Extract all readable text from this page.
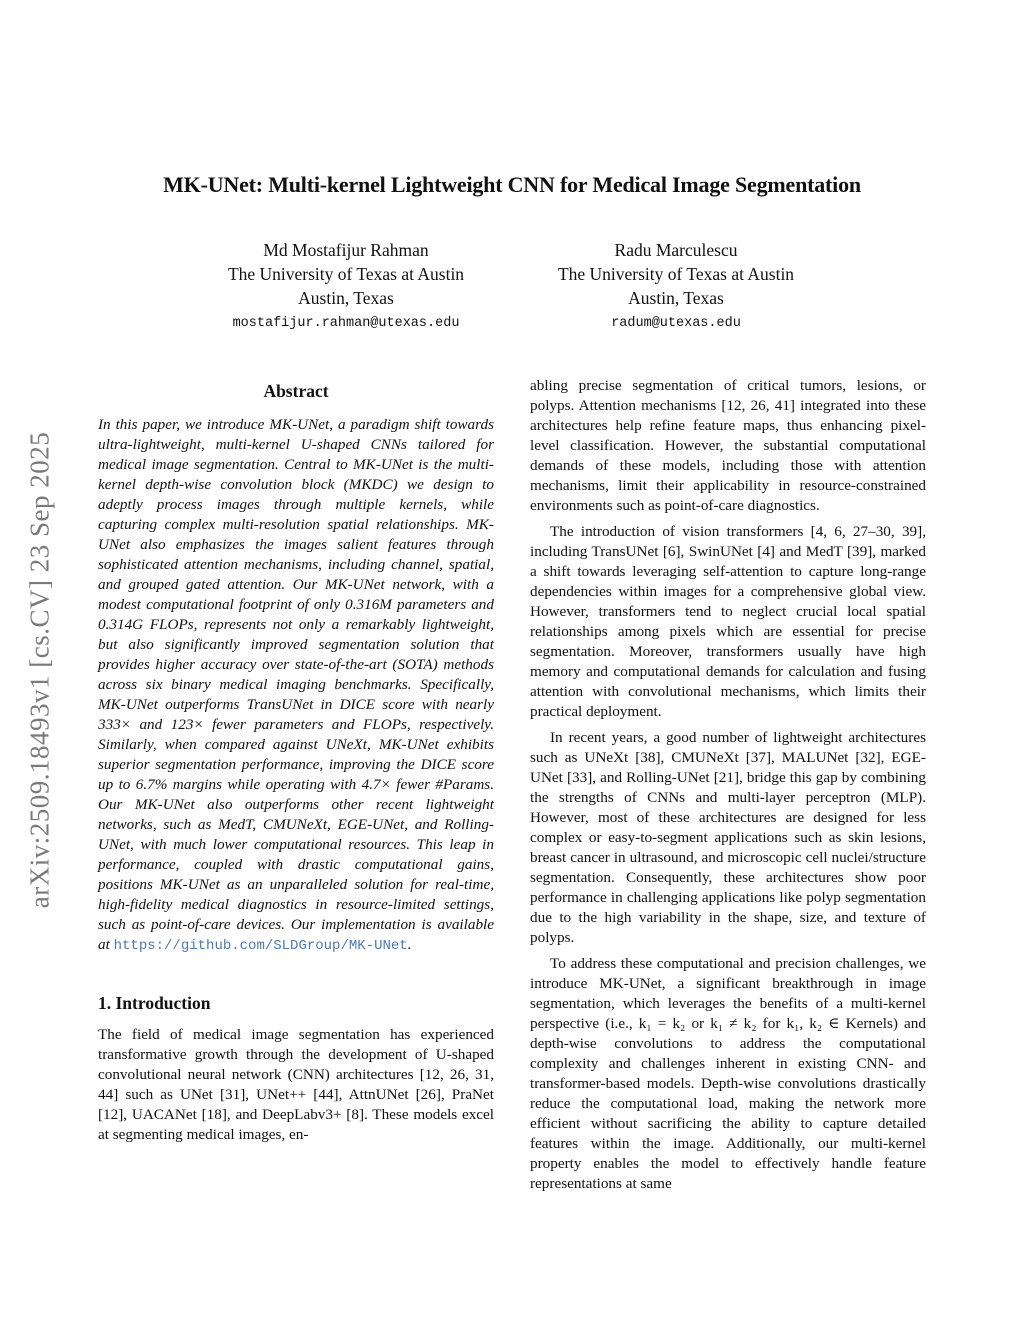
arXiv:2509.18493v1 [cs.CV] 23 Sep 2025
MK-UNet: Multi-kernel Lightweight CNN for Medical Image Segmentation
Md Mostafijur Rahman
The University of Texas at Austin
Austin, Texas
mostafijur.rahman@utexas.edu
Radu Marculescu
The University of Texas at Austin
Austin, Texas
radum@utexas.edu
Abstract

In this paper, we introduce MK-UNet, a paradigm shift towards ultra-lightweight, multi-kernel U-shaped CNNs tailored for medical image segmentation. Central to MK-UNet is the multi-kernel depth-wise convolution block (MKDC) we design to adeptly process images through multiple kernels, while capturing complex multi-resolution spatial relationships. MK-UNet also emphasizes the images salient features through sophisticated attention mechanisms, including channel, spatial, and grouped gated attention. Our MK-UNet network, with a modest computational footprint of only 0.316M parameters and 0.314G FLOPs, represents not only a remarkably lightweight, but also significantly improved segmentation solution that provides higher accuracy over state-of-the-art (SOTA) methods across six binary medical imaging benchmarks. Specifically, MK-UNet outperforms TransUNet in DICE score with nearly 333× and 123× fewer parameters and FLOPs, respectively. Similarly, when compared against UNeXt, MK-UNet exhibits superior segmentation performance, improving the DICE score up to 6.7% margins while operating with 4.7× fewer #Params. Our MK-UNet also outperforms other recent lightweight networks, such as MedT, CMUNeXt, EGE-UNet, and Rolling-UNet, with much lower computational resources. This leap in performance, coupled with drastic computational gains, positions MK-UNet as an unparalleled solution for real-time, high-fidelity medical diagnostics in resource-limited settings, such as point-of-care devices. Our implementation is available at https://github.com/SLDGroup/MK-UNet.

1. Introduction

The field of medical image segmentation has experienced transformative growth through the development of U-shaped convolutional neural network (CNN) architectures [12, 26, 31, 44] such as UNet [31], UNet++ [44], AttnUNet [26], PraNet [12], UACANet [18], and DeepLabv3+ [8]. These models excel at segmenting medical images, en-

abling precise segmentation of critical tumors, lesions, or polyps. Attention mechanisms [12, 26, 41] integrated into these architectures help refine feature maps, thus enhancing pixel-level classification. However, the substantial computational demands of these models, including those with attention mechanisms, limit their applicability in resource-constrained environments such as point-of-care diagnostics.

The introduction of vision transformers [4, 6, 27–30, 39], including TransUNet [6], SwinUNet [4] and MedT [39], marked a shift towards leveraging self-attention to capture long-range dependencies within images for a comprehensive global view. However, transformers tend to neglect crucial local spatial relationships among pixels which are essential for precise segmentation. Moreover, transformers usually have high memory and computational demands for calculation and fusing attention with convolutional mechanisms, which limits their practical deployment.

In recent years, a good number of lightweight architectures such as UNeXt [38], CMUNeXt [37], MALUNet [32], EGE-UNet [33], and Rolling-UNet [21], bridge this gap by combining the strengths of CNNs and multi-layer perceptron (MLP). However, most of these architectures are designed for less complex or easy-to-segment applications such as skin lesions, breast cancer in ultrasound, and microscopic cell nuclei/structure segmentation. Consequently, these architectures show poor performance in challenging applications like polyp segmentation due to the high variability in the shape, size, and texture of polyps.

To address these computational and precision challenges, we introduce MK-UNet, a significant breakthrough in image segmentation, which leverages the benefits of a multi-kernel perspective (i.e., k₁ = k₂ or k₁ ≠ k₂ for k₁, k₂ ∈ Kernels) and depth-wise convolutions to address the computational complexity and challenges inherent in existing CNN- and transformer-based models. Depth-wise convolutions drastically reduce the computational load, making the network more efficient without sacrificing the ability to capture detailed features within the image. Additionally, our multi-kernel property enables the model to effectively handle feature representations at same
